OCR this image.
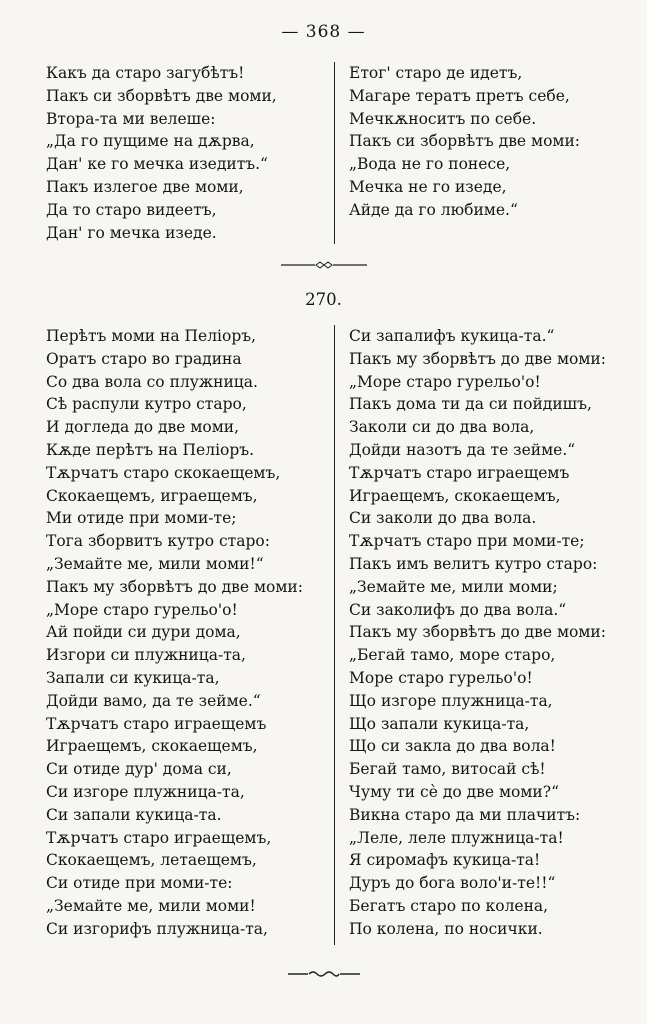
— 368 —
Какъ да старо загубѣтъ!
Пакъ си зборвѣтъ две моми,
Втора-та ми велеше:
„Да го пущиме на дѫрва,
Дан' ке го мечка изедитъ.“
Пакъ излегое две моми,
Да то старо видеетъ,
Дан' го мечка изеде.
Етог' старо де идетъ,
Магаре тератъ претъ себе,
Мечкѫноситъ по себе.
Пакъ си зборвѣтъ две моми:
„Вода не го понесе,
Мечка не го изеде,
Айде да го любиме.“
270.
Перѣтъ моми на Пеліоръ,
Оратъ старо во градина
Со два вола со плужница.
Сѣ распули кутро старо,
И догледа до две моми,
Кѫде перѣтъ на Пеліоръ.
Тѫрчатъ старо скокаещемъ,
Скокаещемъ, играещемъ,
Ми отиде при моми-те;
Тога зборвитъ кутро старо:
„Земайте ме, мили моми!“
Пакъ му зборвѣтъ до две моми:
„Море старо гурельо'о!
Ай пойди си дури дома,
Изгори си плужница-та,
Запали си кукица-та,
Дойди вамо, да те зейме.“
Тѫрчатъ старо играещемъ
Играещемъ, скокаещемъ,
Си отиде дур' дома си,
Си изгоре плужница-та,
Си запали кукица-та.
Тѫрчатъ старо играещемъ,
Скокаещемъ, летаещемъ,
Си отиде при моми-те:
„Земайте ме, мили моми!
Си изгорифъ плужница-та,
Си запалифъ кукица-та.“
Пакъ му зборвѣтъ до две моми:
„Море старо гурельо'о!
Пакъ дома ти да си пойдишъ,
Заколи си до два вола,
Дойди назотъ да те зейме.“
Тѫрчатъ старо играещемъ
Играещемъ, скокаещемъ,
Си заколи до два вола.
Тѫрчатъ старо при моми-те;
Пакъ имъ велитъ кутро старо:
„Земайте ме, мили моми;
Си заколифъ до два вола.“
Пакъ му зборвѣтъ до две моми:
„Бегай тамо, море старо,
Море старо гурельо'о!
Що изгоре плужница-та,
Що запали кукица-та,
Що си закла до два вола!
Бегай тамо, витосай сѣ!
Чуму ти сѐ до две моми?“
Викна старо да ми плачитъ:
„Леле, леле плужница-та!
Я сиромафъ кукица-та!
Дуръ до бога воло'и-те!!“
Бегатъ старо по колена,
По колена, по носички.
